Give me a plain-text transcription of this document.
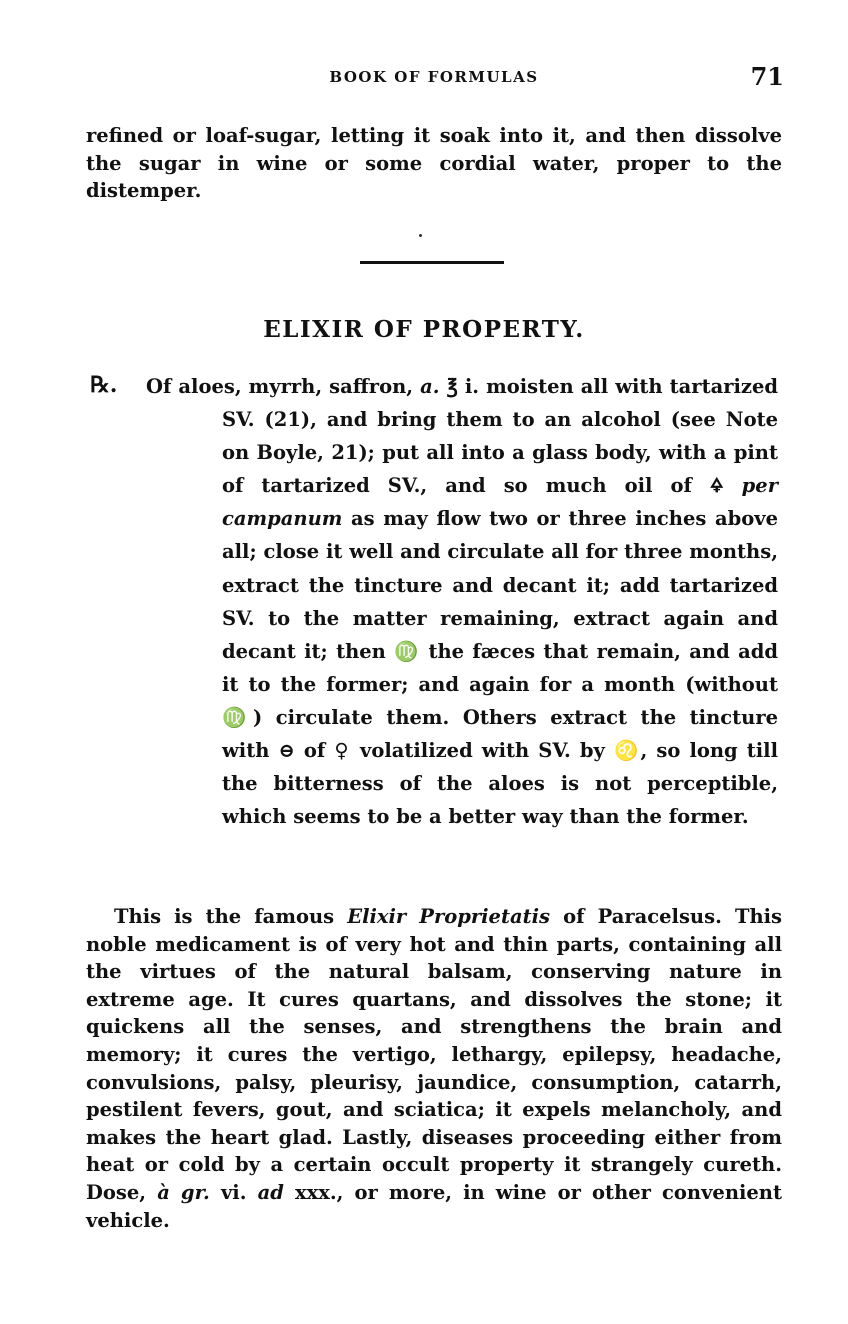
BOOK OF FORMULAS	71
refined or loaf-sugar, letting it soak into it, and then dissolve the sugar in wine or some cordial water, proper to the distemper.
ELIXIR OF PROPERTY.
℞. Of aloes, myrrh, saffron, a. ℥ i. moisten all with tartarized SV. (21), and bring them to an alcohol (see Note on Boyle, 21); put all into a glass body, with a pint of tartarized SV., and so much oil of 🜍 per campanum as may flow two or three inches above all; close it well and circulate all for three months, extract the tincture and decant it; add tartarized SV. to the matter remaining, extract again and decant it; then ♍ the fæces that remain, and add it to the former; and again for a month (without ♍) circulate them. Others extract the tincture with ⊖ of ♀ volatilized with SV. by ♌, so long till the bitterness of the aloes is not perceptible, which seems to be a better way than the former.
This is the famous Elixir Proprietatis of Paracelsus. This noble medicament is of very hot and thin parts, containing all the virtues of the natural balsam, conserving nature in extreme age. It cures quartans, and dissolves the stone; it quickens all the senses, and strengthens the brain and memory; it cures the vertigo, lethargy, epilepsy, headache, convulsions, palsy, pleurisy, jaundice, consumption, catarrh, pestilent fevers, gout, and sciatica; it expels melancholy, and makes the heart glad. Lastly, diseases proceeding either from heat or cold by a certain occult property it strangely cureth. Dose, à gr. vi. ad xxx., or more, in wine or other convenient vehicle.
